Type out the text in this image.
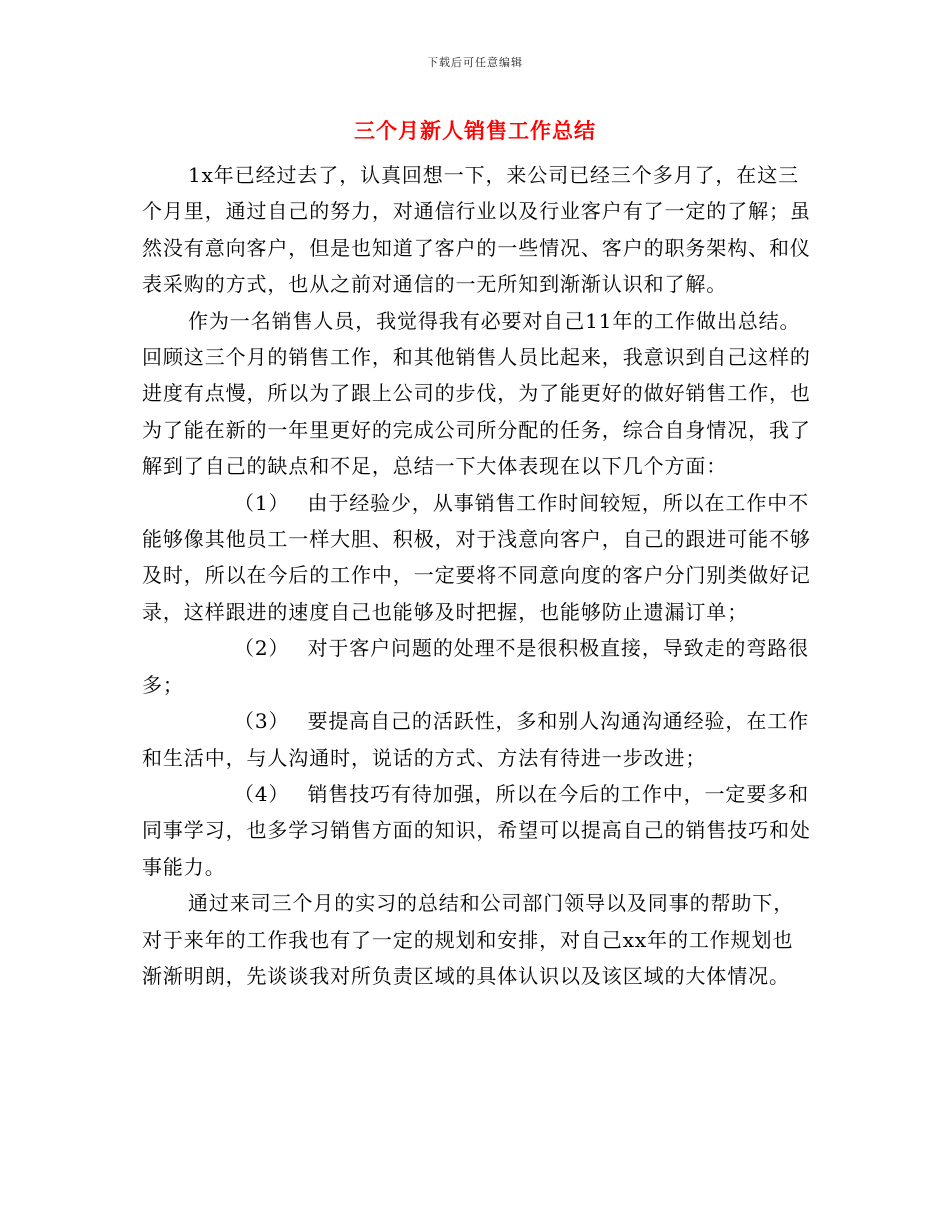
下载后可任意编辑
三个月新人销售工作总结

1x年已经过去了，认真回想一下，来公司已经三个多月了，在这三个月里，通过自己的努力，对通信行业以及行业客户有了一定的了解；虽然没有意向客户，但是也知道了客户的一些情况、客户的职务架构、和仪表采购的方式，也从之前对通信的一无所知到渐渐认识和了解。

作为一名销售人员，我觉得我有必要对自己11年的工作做出总结。回顾这三个月的销售工作，和其他销售人员比起来，我意识到自己这样的进度有点慢，所以为了跟上公司的步伐，为了能更好的做好销售工作，也为了能在新的一年里更好的完成公司所分配的任务，综合自身情况，我了解到了自己的缺点和不足，总结一下大体表现在以下几个方面：

（1） 由于经验少，从事销售工作时间较短，所以在工作中不能够像其他员工一样大胆、积极，对于浅意向客户，自己的跟进可能不够及时，所以在今后的工作中，一定要将不同意向度的客户分门别类做好记录，这样跟进的速度自己也能够及时把握，也能够防止遗漏订单；

（2） 对于客户问题的处理不是很积极直接，导致走的弯路很多；

（3） 要提高自己的活跃性，多和别人沟通沟通经验，在工作和生活中，与人沟通时，说话的方式、方法有待进一步改进；

（4） 销售技巧有待加强，所以在今后的工作中，一定要多和同事学习，也多学习销售方面的知识，希望可以提高自己的销售技巧和处事能力。

通过来司三个月的实习的总结和公司部门领导以及同事的帮助下，对于来年的工作我也有了一定的规划和安排，对自己xx年的工作规划也渐渐明朗，先谈谈我对所负责区域的具体认识以及该区域的大体情况。
